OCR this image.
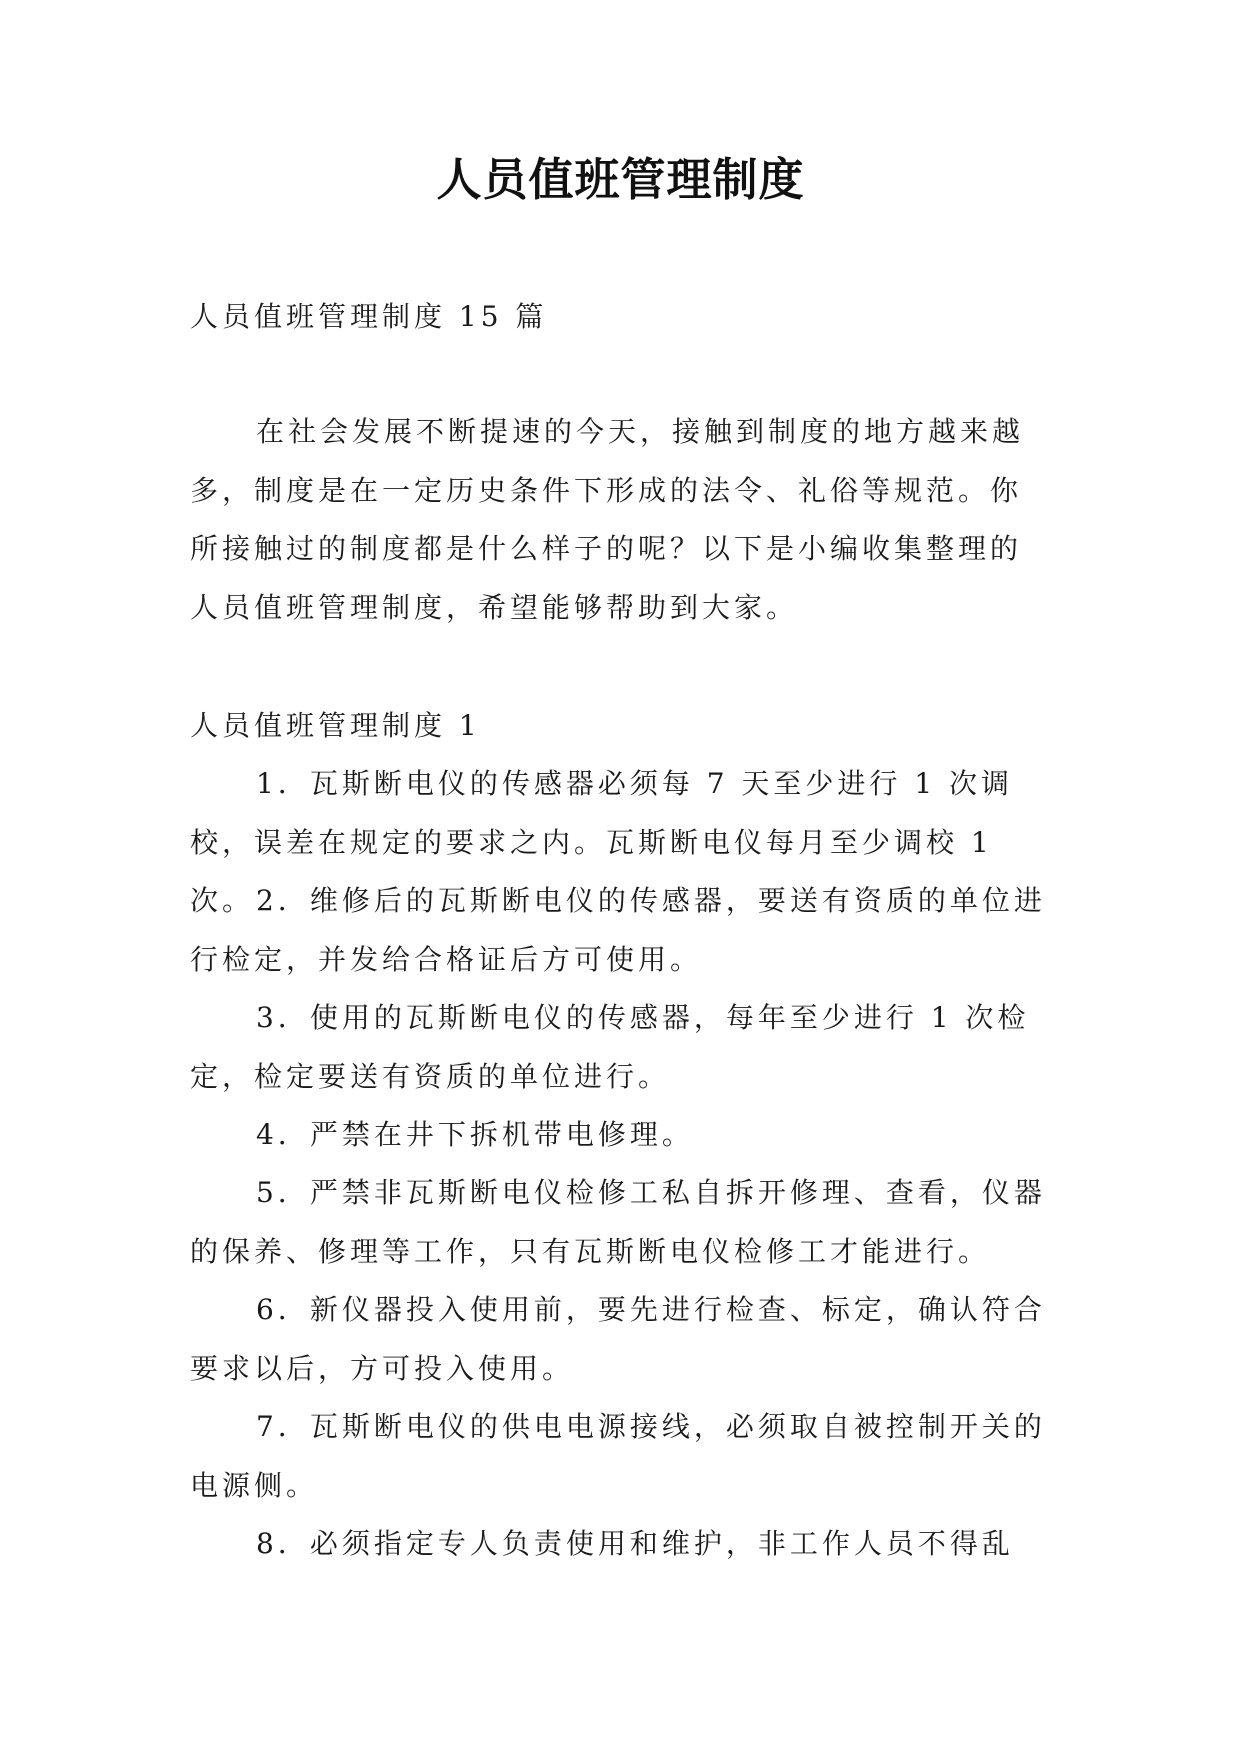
人员值班管理制度

人员值班管理制度 15 篇

在社会发展不断提速的今天，接触到制度的地方越来越多，制度是在一定历史条件下形成的法令、礼俗等规范。你所接触过的制度都是什么样子的呢？以下是小编收集整理的人员值班管理制度，希望能够帮助到大家。

人员值班管理制度 1

1．瓦斯断电仪的传感器必须每 7 天至少进行 1 次调校，误差在规定的要求之内。瓦斯断电仪每月至少调校 1 次。 2．维修后的瓦斯断电仪的传感器，要送有资质的单位进行检定，并发给合格证后方可使用。

3．使用的瓦斯断电仪的传感器，每年至少进行 1 次检定，检定要送有资质的单位进行。

4．严禁在井下拆机带电修理。

5．严禁非瓦斯断电仪检修工私自拆开修理、查看，仪器的保养、修理等工作，只有瓦斯断电仪检修工才能进行。

6．新仪器投入使用前，要先进行检查、标定，确认符合要求以后，方可投入使用。

7．瓦斯断电仪的供电电源接线，必须取自被控制开关的电源侧。

8．必须指定专人负责使用和维护，非工作人员不得乱
